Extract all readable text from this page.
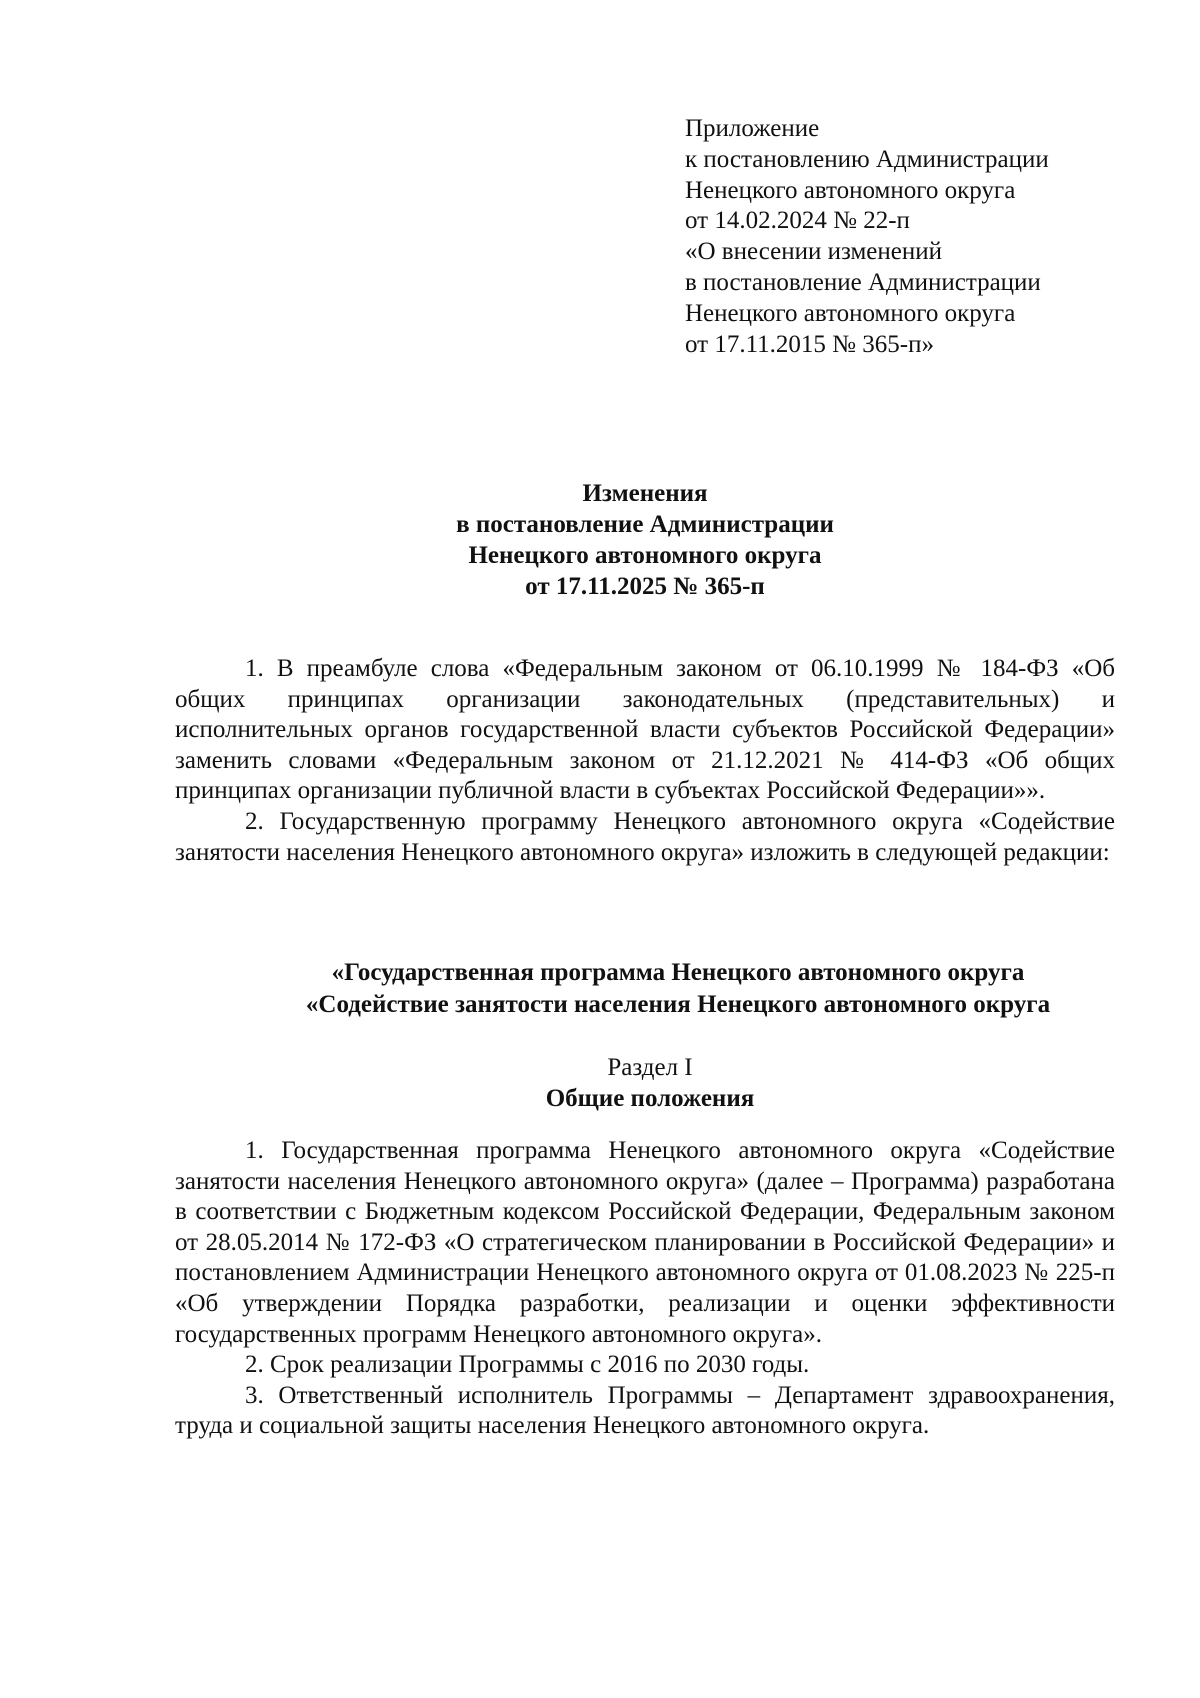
Приложение
к постановлению Администрации
Ненецкого автономного округа
от 14.02.2024 № 22-п
«О внесении изменений
в постановление Администрации
Ненецкого автономного округа
от 17.11.2015 № 365-п»
Изменения
в постановление Администрации
Ненецкого автономного округа
от 17.11.2025 № 365-п

1. В преамбуле слова «Федеральным законом от 06.10.1999 № 184-ФЗ «Об общих принципах организации законодательных (представительных) и исполнительных органов государственной власти субъектов Российской Федерации» заменить словами «Федеральным законом от 21.12.2021 № 414-ФЗ «Об общих принципах организации публичной власти в субъектах Российской Федерации»».

2. Государственную программу Ненецкого автономного округа «Содействие занятости населения Ненецкого автономного округа» изложить в следующей редакции:

«Государственная программа Ненецкого автономного округа
«Содействие занятости населения Ненецкого автономного округа
Раздел I
Общие положения

1. Государственная программа Ненецкого автономного округа «Содействие занятости населения Ненецкого автономного округа» (далее – Программа) разработана в соответствии с Бюджетным кодексом Российской Федерации, Федеральным законом от 28.05.2014 № 172-ФЗ «О стратегическом планировании в Российской Федерации» и постановлением Администрации Ненецкого автономного округа от 01.08.2023 № 225-п «Об утверждении Порядка разработки, реализации и оценки эффективности государственных программ Ненецкого автономного округа».

2. Срок реализации Программы с 2016 по 2030 годы.

3. Ответственный исполнитель Программы – Департамент здравоохранения, труда и социальной защиты населения Ненецкого автономного округа.
